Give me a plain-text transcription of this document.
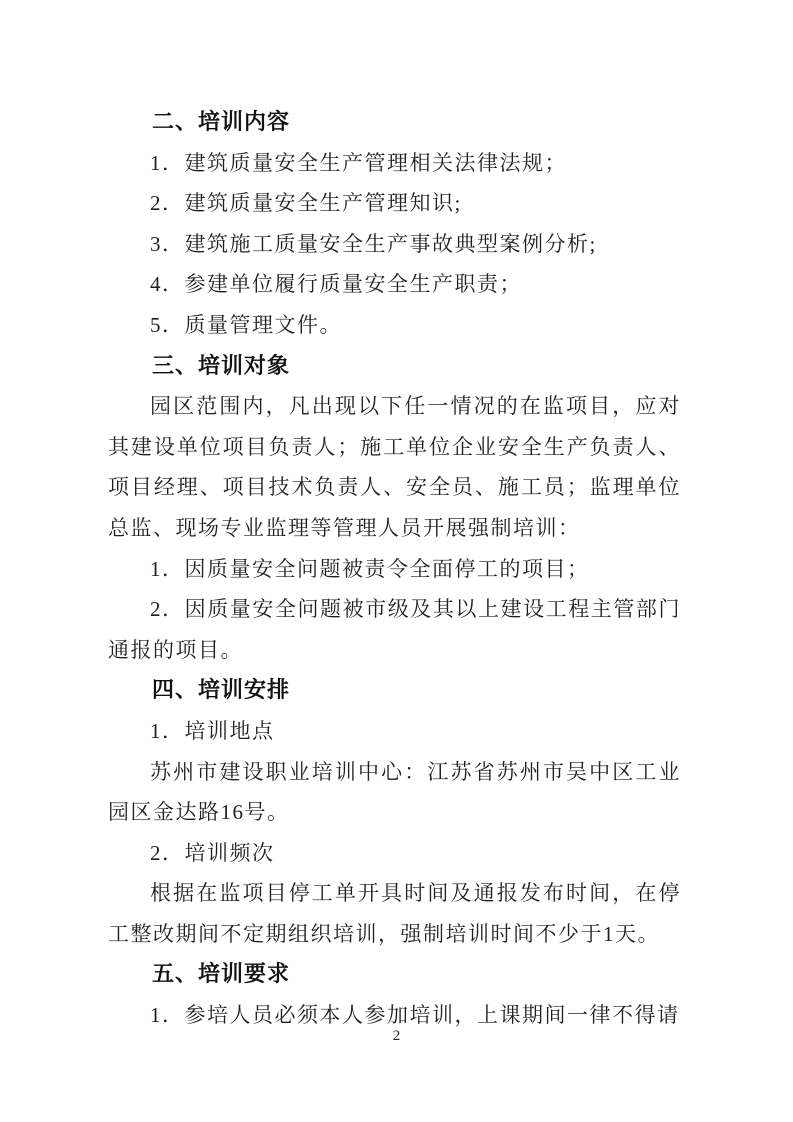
二、培训内容

1．建筑质量安全生产管理相关法律法规；

2．建筑质量安全生产管理知识;

3．建筑施工质量安全生产事故典型案例分析;

4．参建单位履行质量安全生产职责；

5．质量管理文件。

三、培训对象

园区范围内，凡出现以下任一情况的在监项目，应对其建设单位项目负责人；施工单位企业安全生产负责人、项目经理、项目技术负责人、安全员、施工员；监理单位总监、现场专业监理等管理人员开展强制培训：

1．因质量安全问题被责令全面停工的项目；

2．因质量安全问题被市级及其以上建设工程主管部门通报的项目。

四、培训安排

1．培训地点

苏州市建设职业培训中心：江苏省苏州市吴中区工业园区金达路16号。

2．培训频次

根据在监项目停工单开具时间及通报发布时间，在停工整改期间不定期组织培训，强制培训时间不少于1天。

五、培训要求

1．参培人员必须本人参加培训，上课期间一律不得请

2
